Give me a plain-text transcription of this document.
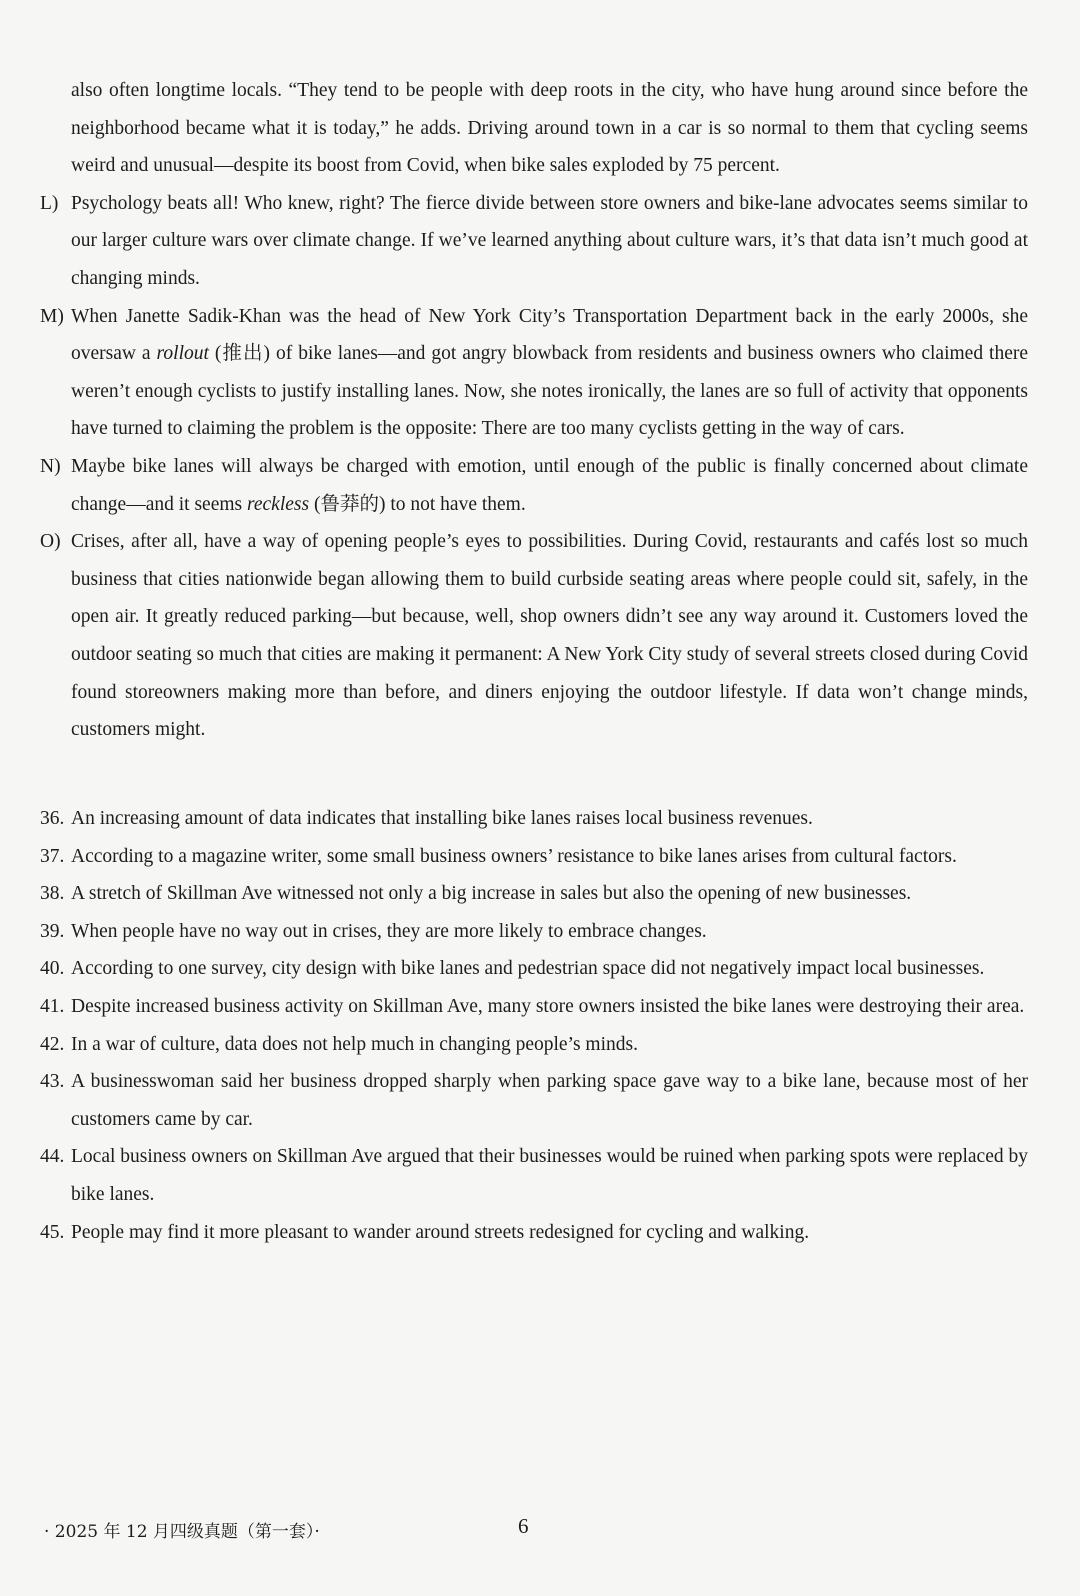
also often longtime locals. “They tend to be people with deep roots in the city, who have hung around since before the neighborhood became what it is today,” he adds. Driving around town in a car is so normal to them that cycling seems weird and unusual—despite its boost from Covid, when bike sales exploded by 75 percent.
L) Psychology beats all! Who knew, right? The fierce divide between store owners and bike-lane advocates seems similar to our larger culture wars over climate change. If we’ve learned anything about culture wars, it’s that data isn’t much good at changing minds.
M) When Janette Sadik-Khan was the head of New York City’s Transportation Department back in the early 2000s, she oversaw a rollout (推出) of bike lanes—and got angry blowback from residents and business owners who claimed there weren’t enough cyclists to justify installing lanes. Now, she notes ironically, the lanes are so full of activity that opponents have turned to claiming the problem is the opposite: There are too many cyclists getting in the way of cars.
N) Maybe bike lanes will always be charged with emotion, until enough of the public is finally concerned about climate change—and it seems reckless (鲁莽的) to not have them.
O) Crises, after all, have a way of opening people’s eyes to possibilities. During Covid, restaurants and cafés lost so much business that cities nationwide began allowing them to build curbside seating areas where people could sit, safely, in the open air. It greatly reduced parking—but because, well, shop owners didn’t see any way around it. Customers loved the outdoor seating so much that cities are making it permanent: A New York City study of several streets closed during Covid found storeowners making more than before, and diners enjoying the outdoor lifestyle. If data won’t change minds, customers might.
36. An increasing amount of data indicates that installing bike lanes raises local business revenues.
37. According to a magazine writer, some small business owners’ resistance to bike lanes arises from cultural factors.
38. A stretch of Skillman Ave witnessed not only a big increase in sales but also the opening of new businesses.
39. When people have no way out in crises, they are more likely to embrace changes.
40. According to one survey, city design with bike lanes and pedestrian space did not negatively impact local businesses.
41. Despite increased business activity on Skillman Ave, many store owners insisted the bike lanes were destroying their area.
42. In a war of culture, data does not help much in changing people’s minds.
43. A businesswoman said her business dropped sharply when parking space gave way to a bike lane, because most of her customers came by car.
44. Local business owners on Skillman Ave argued that their businesses would be ruined when parking spots were replaced by bike lanes.
45. People may find it more pleasant to wander around streets redesigned for cycling and walking.
· 2025 年 12 月四级真题（第一套）·	6
